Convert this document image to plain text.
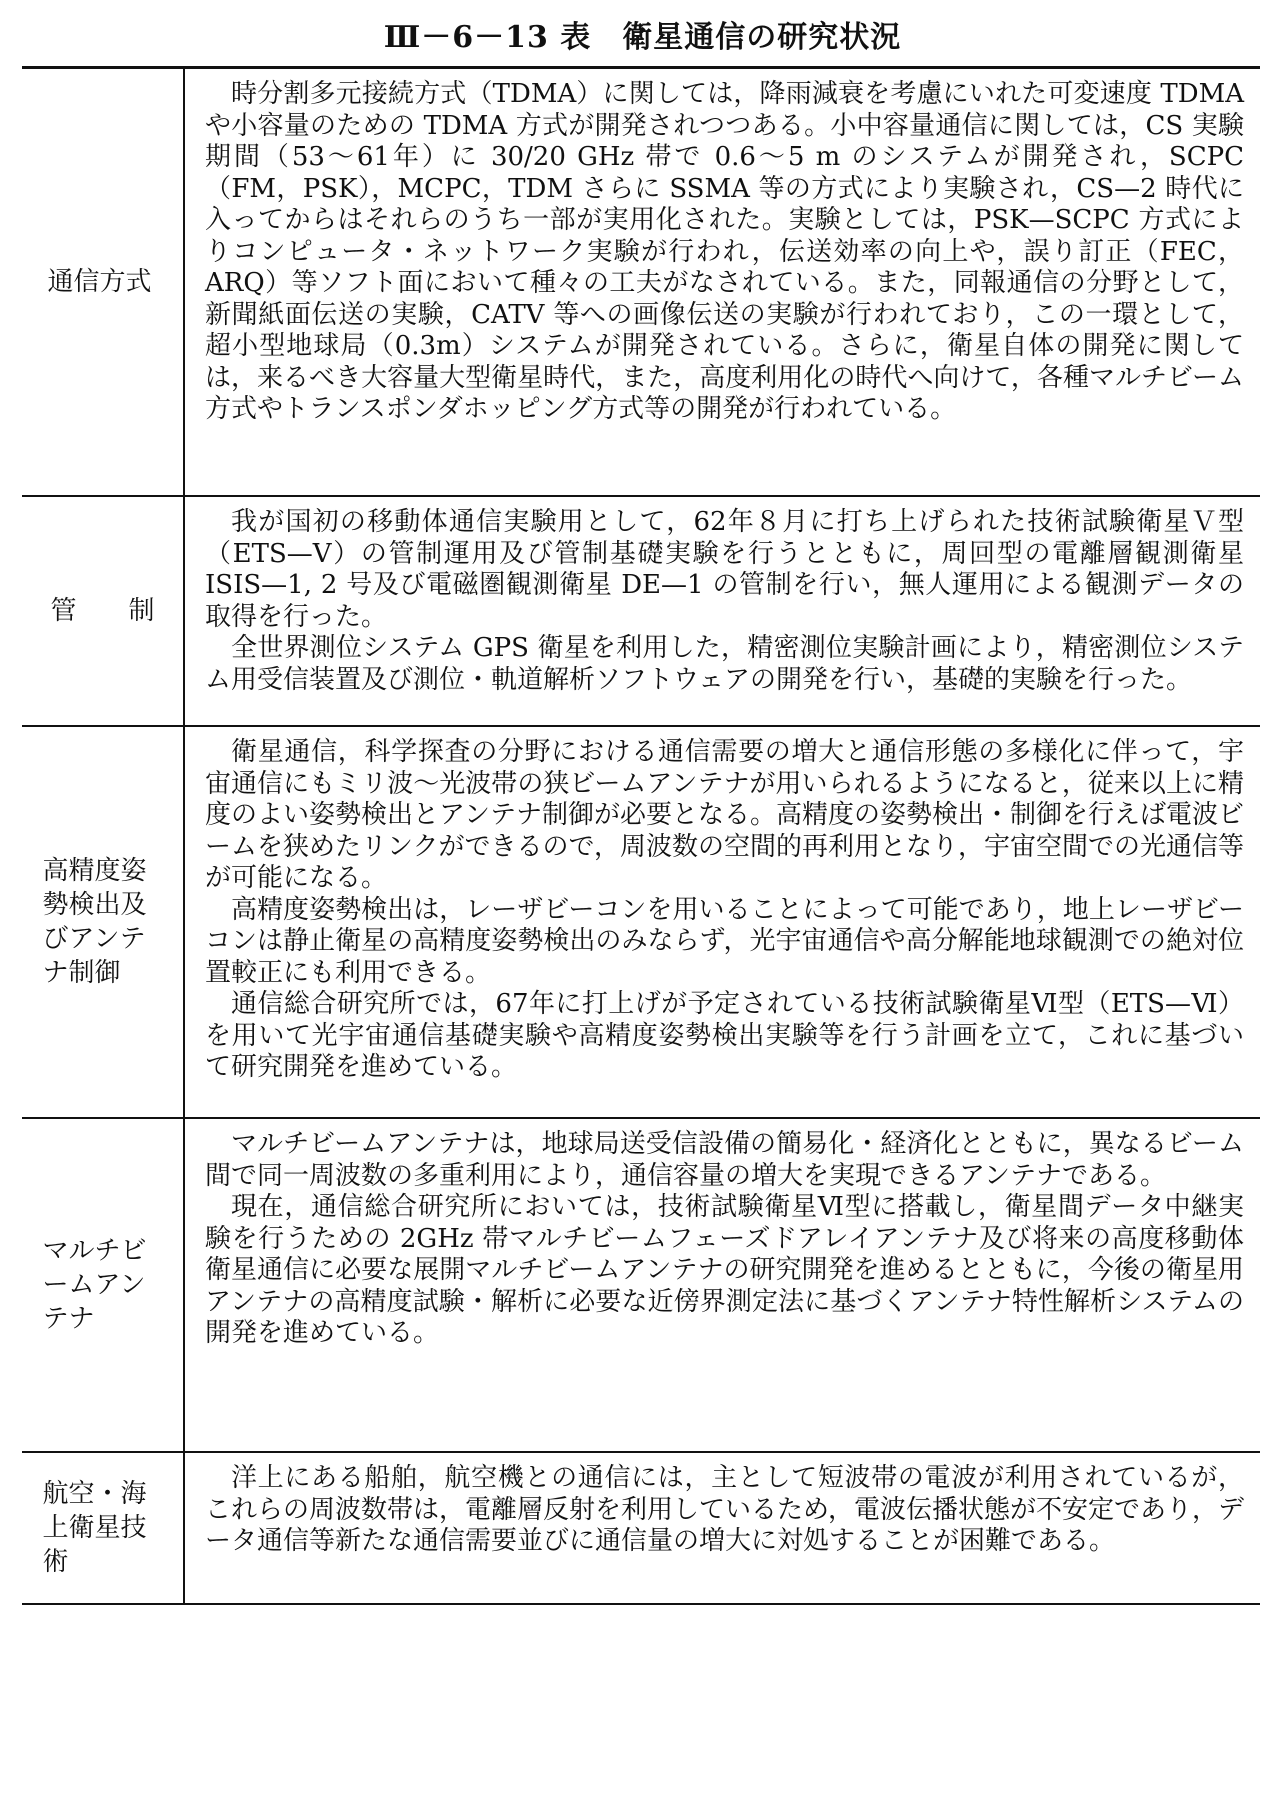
Ⅲ－6－13 表　衛星通信の研究状況
通信方式

時分割多元接続方式（TDMA）に関しては，降雨減衰を考慮にいれた可変速度 TDMA や小容量のための TDMA 方式が開発されつつある。小中容量通信に関しては，CS 実験期間（53〜61年）に 30/20 GHz 帯で 0.6〜5 m のシステムが開発され，SCPC（FM，PSK），MCPC，TDM さらに SSMA 等の方式により実験され，CS—2 時代に入ってからはそれらのうち一部が実用化された。実験としては，PSK—SCPC 方式によりコンピュータ・ネットワーク実験が行われ，伝送効率の向上や，誤り訂正（FEC，ARQ）等ソフト面において種々の工夫がなされている。また，同報通信の分野として，新聞紙面伝送の実験，CATV 等への画像伝送の実験が行われており，この一環として，超小型地球局（0.3m）システムが開発されている。さらに，衛星自体の開発に関しては，来るべき大容量大型衛星時代，また，高度利用化の時代へ向けて，各種マルチビーム方式やトランスポンダホッピング方式等の開発が行われている。

管　　制

我が国初の移動体通信実験用として，62年８月に打ち上げられた技術試験衛星Ｖ型（ETS—V）の管制運用及び管制基礎実験を行うとともに，周回型の電離層観測衛星 ISIS—1, 2 号及び電磁圏観測衛星 DE—1 の管制を行い，無人運用による観測データの取得を行った。

全世界測位システム GPS 衛星を利用した，精密測位実験計画により，精密測位システム用受信装置及び測位・軌道解析ソフトウェアの開発を行い，基礎的実験を行った。

高精度姿勢検出及びアンテナ制御

衛星通信，科学探査の分野における通信需要の増大と通信形態の多様化に伴って，宇宙通信にもミリ波〜光波帯の狭ビームアンテナが用いられるようになると，従来以上に精度のよい姿勢検出とアンテナ制御が必要となる。高精度の姿勢検出・制御を行えば電波ビームを狭めたリンクができるので，周波数の空間的再利用となり，宇宙空間での光通信等が可能になる。

高精度姿勢検出は，レーザビーコンを用いることによって可能であり，地上レーザビーコンは静止衛星の高精度姿勢検出のみならず，光宇宙通信や高分解能地球観測での絶対位置較正にも利用できる。

通信総合研究所では，67年に打上げが予定されている技術試験衛星Ⅵ型（ETS—Ⅵ）を用いて光宇宙通信基礎実験や高精度姿勢検出実験等を行う計画を立て，これに基づいて研究開発を進めている。

マルチビームアンテナ

マルチビームアンテナは，地球局送受信設備の簡易化・経済化とともに，異なるビーム間で同一周波数の多重利用により，通信容量の増大を実現できるアンテナである。

現在，通信総合研究所においては，技術試験衛星Ⅵ型に搭載し，衛星間データ中継実験を行うための 2GHz 帯マルチビームフェーズドアレイアンテナ及び将来の高度移動体衛星通信に必要な展開マルチビームアンテナの研究開発を進めるとともに，今後の衛星用アンテナの高精度試験・解析に必要な近傍界測定法に基づくアンテナ特性解析システムの開発を進めている。

航空・海上衛星技術

洋上にある船舶，航空機との通信には，主として短波帯の電波が利用されているが，これらの周波数帯は，電離層反射を利用しているため，電波伝播状態が不安定であり，データ通信等新たな通信需要並びに通信量の増大に対処することが困難である。
